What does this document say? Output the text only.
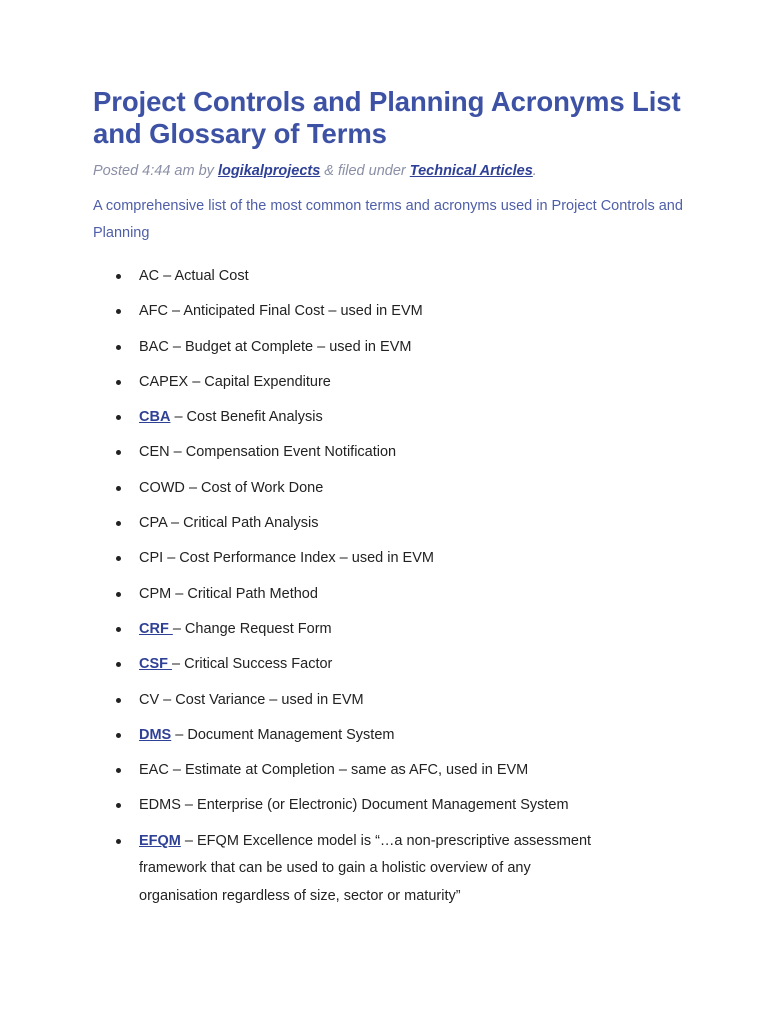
Project Controls and Planning Acronyms List and Glossary of Terms
Posted 4:44 am by logikalprojects & filed under Technical Articles.

A comprehensive list of the most common terms and acronyms used in Project Controls and Planning

AC – Actual Cost
AFC – Anticipated Final Cost – used in EVM
BAC – Budget at Complete – used in EVM
CAPEX – Capital Expenditure
CBA – Cost Benefit Analysis
CEN – Compensation Event Notification
COWD – Cost of Work Done
CPA – Critical Path Analysis
CPI – Cost Performance Index – used in EVM
CPM – Critical Path Method
CRF – Change Request Form
CSF – Critical Success Factor
CV – Cost Variance – used in EVM
DMS – Document Management System
EAC – Estimate at Completion – same as AFC, used in EVM
EDMS – Enterprise (or Electronic) Document Management System
EFQM – EFQM Excellence model is “…a non-prescriptive assessment framework that can be used to gain a holistic overview of any organisation regardless of size, sector or maturity”
